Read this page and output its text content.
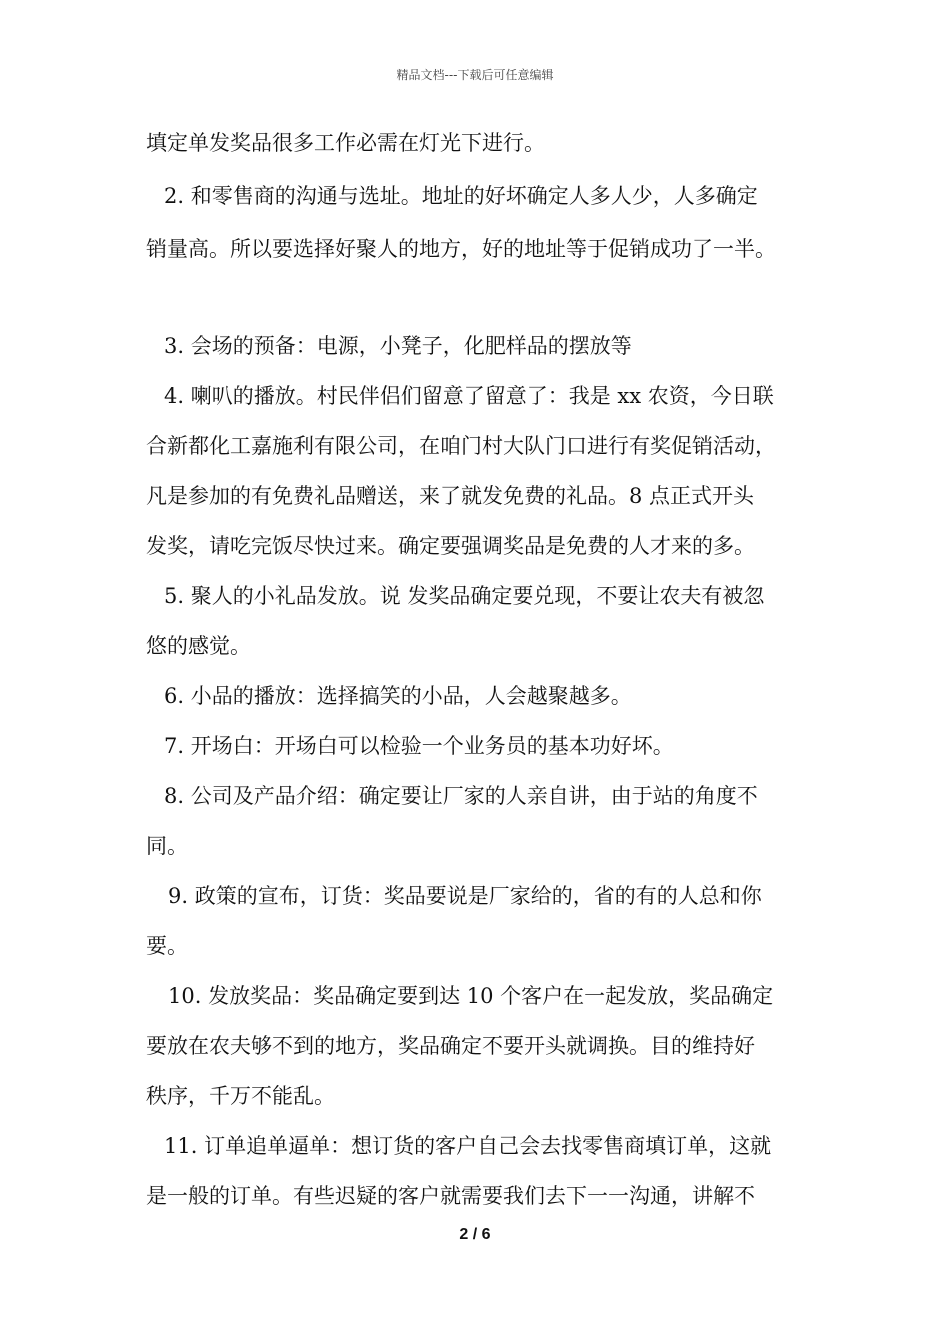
精品文档---下载后可任意编辑
填定单发奖品很多工作必需在灯光下进行。
2. 和零售商的沟通与选址。地址的好坏确定人多人少，人多确定
销量高。所以要选择好聚人的地方，好的地址等于促销成功了一半。
3. 会场的预备：电源，小凳子，化肥样品的摆放等
4. 喇叭的播放。村民伴侣们留意了留意了：我是 xx 农资，今日联
合新都化工嘉施利有限公司，在咱门村大队门口进行有奖促销活动，
凡是参加的有免费礼品赠送，来了就发免费的礼品。8 点正式开头
发奖，请吃完饭尽快过来。确定要强调奖品是免费的人才来的多。
5. 聚人的小礼品发放。说 发奖品确定要兑现，不要让农夫有被忽
悠的感觉。
6. 小品的播放：选择搞笑的小品，人会越聚越多。
7. 开场白：开场白可以检验一个业务员的基本功好坏。
8. 公司及产品介绍：确定要让厂家的人亲自讲，由于站的角度不
同。
9. 政策的宣布，订货：奖品要说是厂家给的，省的有的人总和你
要。
10. 发放奖品：奖品确定要到达 10 个客户在一起发放，奖品确定
要放在农夫够不到的地方，奖品确定不要开头就调换。目的维持好
秩序，千万不能乱。
11. 订单追单逼单：想订货的客户自己会去找零售商填订单，这就
是一般的订单。有些迟疑的客户就需要我们去下一一沟通，讲解不
2 / 6
